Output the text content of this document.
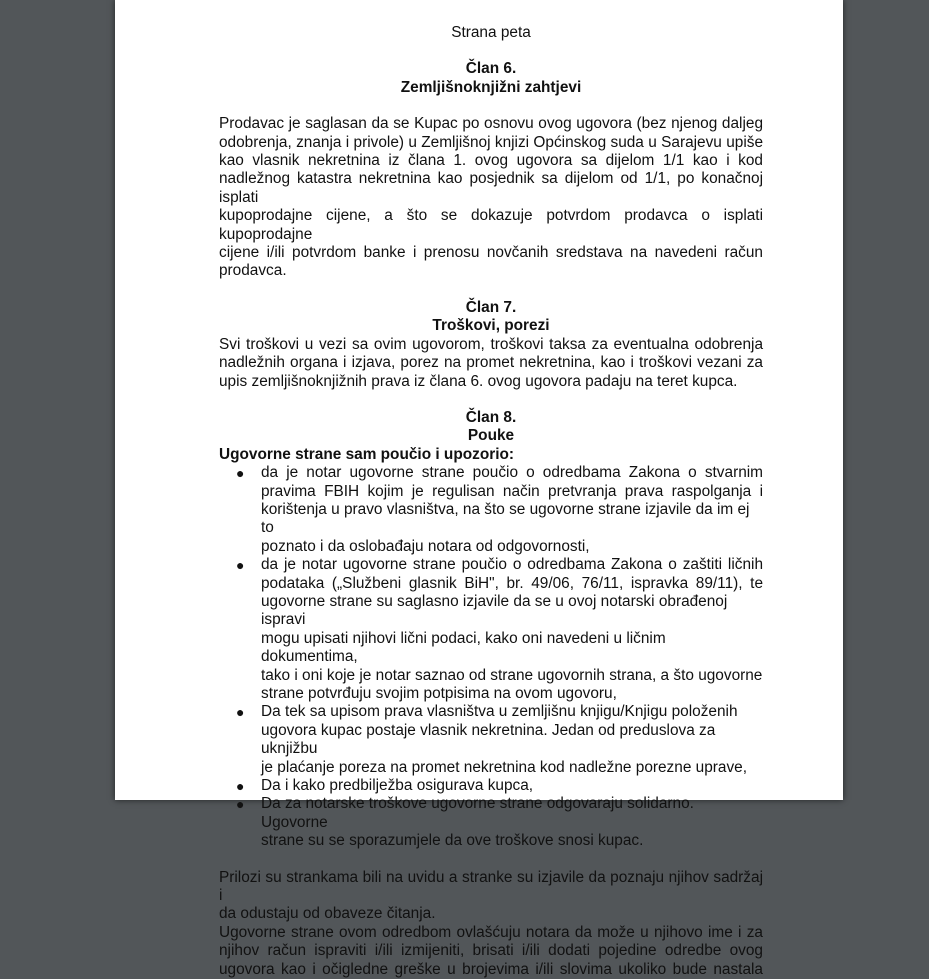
Strana peta

Član 6.

Zemljišnoknjižni zahtjevi

Prodavac je saglasan da se Kupac po osnovu ovog ugovora (bez njenog daljeg

odobrenja, znanja i privole) u Zemljišnoj knjizi Općinskog suda u Sarajevu upiše

kao vlasnik nekretnina iz člana 1. ovog ugovora sa dijelom 1/1 kao i kod

nadležnog katastra nekretnina kao posjednik sa dijelom od 1/1, po konačnoj isplati

kupoprodajne cijene, a što se dokazuje potvrdom prodavca o isplati kupoprodajne

cijene i/ili potvrdom banke i prenosu novčanih sredstava na navedeni račun

prodavca.

Član 7.

Troškovi, porezi

Svi troškovi u vezi sa ovim ugovorom, troškovi taksa za eventualna odobrenja

nadležnih organa i izjava, porez na promet nekretnina, kao i troškovi vezani za

upis zemljišnoknjižnih prava iz člana 6. ovog ugovora padaju na teret kupca.

Član 8.

Pouke

Ugovorne strane sam poučio i upozorio:

● da je notar ugovorne strane poučio o odredbama Zakona o stvarnim

pravima FBIH kojim je regulisan način pretvranja prava raspolganja i

korištenja u pravo vlasništva, na što se ugovorne strane izjavile da im ej to

poznato i da oslobađaju notara od odgovornosti,

● da je notar ugovorne strane poučio o odredbama Zakona o zaštiti ličnih

podataka („Službeni glasnik BiH", br. 49/06, 76/11, ispravka 89/11), te

ugovorne strane su saglasno izjavile da se u ovoj notarski obrađenoj ispravi

mogu upisati njihovi lični podaci, kako oni navedeni u ličnim dokumentima,

tako i oni koje je notar saznao od strane ugovornih strana, a što ugovorne

strane potvrđuju svojim potpisima na ovom ugovoru,

● Da tek sa upisom prava vlasništva u zemljišnu knjigu/Knjigu položenih

ugovora kupac postaje vlasnik nekretnina. Jedan od preduslova za uknjižbu

je plaćanje poreza na promet nekretnina kod nadležne porezne uprave,

● Da i kako predbilježba osigurava kupca,

● Da za notarske troškove ugovorne strane odgovaraju solidarno. Ugovorne

strane su se sporazumjele da ove troškove snosi kupac.

Prilozi su strankama bili na uvidu a stranke su izjavile da poznaju njihov sadržaj i

da odustaju od obaveze čitanja.

Ugovorne strane ovom odredbom ovlašćuju notara da može u njihovo ime i za

njihov račun ispraviti i/ili izmijeniti, brisati i/ili dodati pojedine odredbe ovog

ugovora kao i očigledne greške u brojevima i/ili slovima ukoliko bude nastala
